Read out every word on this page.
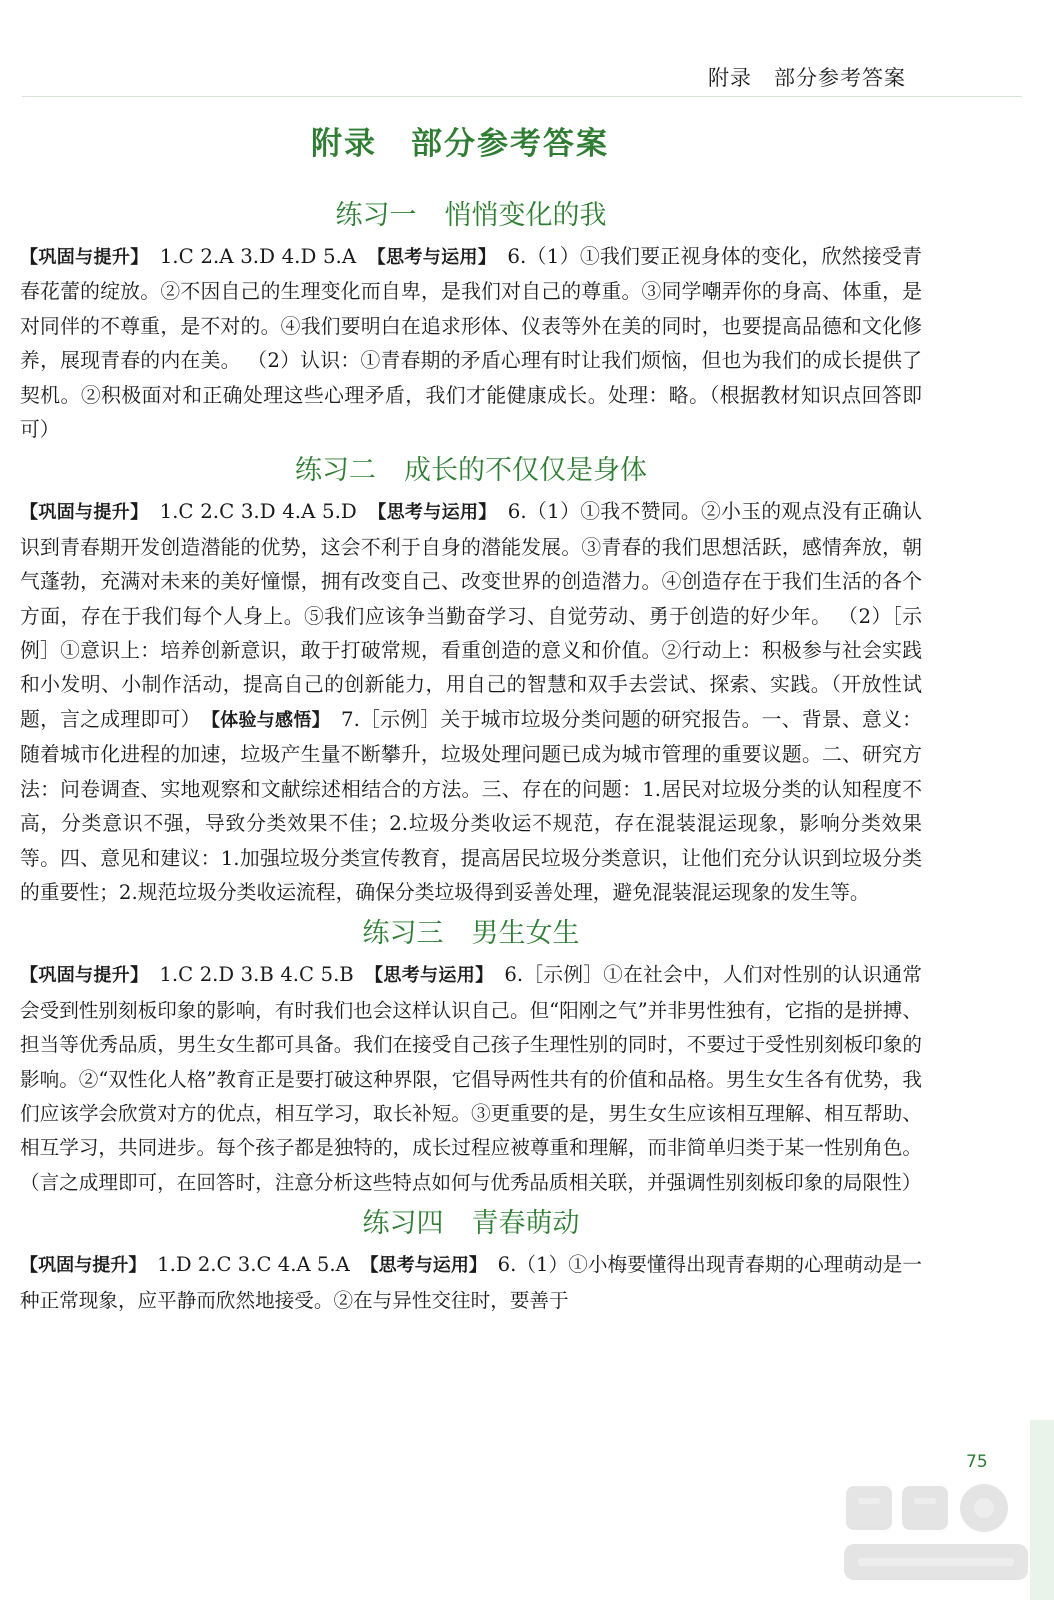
附录 部分参考答案
附录 部分参考答案
练习一 悄悄变化的我

【巩固与提升】　 1.C 2.A 3.D 4.D 5.A　 【思考与运用】　 6.（1）①我们要正视身体的变化，欣然接受青春花蕾的绽放。②不因自己的生理变化而自卑，是我们对自己的尊重。③同学嘲弄你的身高、体重，是对同伴的不尊重，是不对的。④我们要明白在追求形体、仪表等外在美的同时，也要提高品德和文化修养，展现青春的内在美。 （2）认识：①青春期的矛盾心理有时让我们烦恼，但也为我们的成长提供了契机。②积极面对和正确处理这些心理矛盾，我们才能健康成长。处理：略。（根据教材知识点回答即可）

练习二 成长的不仅仅是身体

【巩固与提升】　 1.C 2.C 3.D 4.A 5.D　 【思考与运用】　 6.（1）①我不赞同。②小玉的观点没有正确认识到青春期开发创造潜能的优势，这会不利于自身的潜能发展。③青春的我们思想活跃，感情奔放，朝气蓬勃，充满对未来的美好憧憬，拥有改变自己、改变世界的创造潜力。④创造存在于我们生活的各个方面，存在于我们每个人身上。⑤我们应该争当勤奋学习、自觉劳动、勇于创造的好少年。 （2）［示例］①意识上：培养创新意识，敢于打破常规，看重创造的意义和价值。②行动上：积极参与社会实践和小发明、小制作活动，提高自己的创新能力，用自己的智慧和双手去尝试、探索、实践。（开放性试题，言之成理即可）　 【体验与感悟】　 7.［示例］关于城市垃圾分类问题的研究报告。一、背景、意义：随着城市化进程的加速，垃圾产生量不断攀升，垃圾处理问题已成为城市管理的重要议题。二、研究方法：问卷调查、实地观察和文献综述相结合的方法。三、存在的问题：1.居民对垃圾分类的认知程度不高，分类意识不强，导致分类效果不佳；2.垃圾分类收运不规范，存在混装混运现象，影响分类效果等。四、意见和建议：1.加强垃圾分类宣传教育，提高居民垃圾分类意识，让他们充分认识到垃圾分类的重要性；2.规范垃圾分类收运流程，确保分类垃圾得到妥善处理，避免混装混运现象的发生等。

练习三 男生女生

【巩固与提升】　 1.C 2.D 3.B 4.C 5.B　 【思考与运用】　 6.［示例］①在社会中，人们对性别的认识通常会受到性别刻板印象的影响，有时我们也会这样认识自己。但“阳刚之气”并非男性独有，它指的是拼搏、担当等优秀品质，男生女生都可具备。我们在接受自己孩子生理性别的同时，不要过于受性别刻板印象的影响。②“双性化人格”教育正是要打破这种界限，它倡导两性共有的价值和品格。男生女生各有优势，我们应该学会欣赏对方的优点，相互学习，取长补短。③更重要的是，男生女生应该相互理解、相互帮助、相互学习，共同进步。每个孩子都是独特的，成长过程应被尊重和理解，而非简单归类于某一性别角色。（言之成理即可，在回答时，注意分析这些特点如何与优秀品质相关联，并强调性别刻板印象的局限性）

练习四 青春萌动

【巩固与提升】　 1.D 2.C 3.C 4.A 5.A　 【思考与运用】　 6.（1）①小梅要懂得出现青春期的心理萌动是一种正常现象，应平静而欣然地接受。②在与异性交往时，要善于

75
